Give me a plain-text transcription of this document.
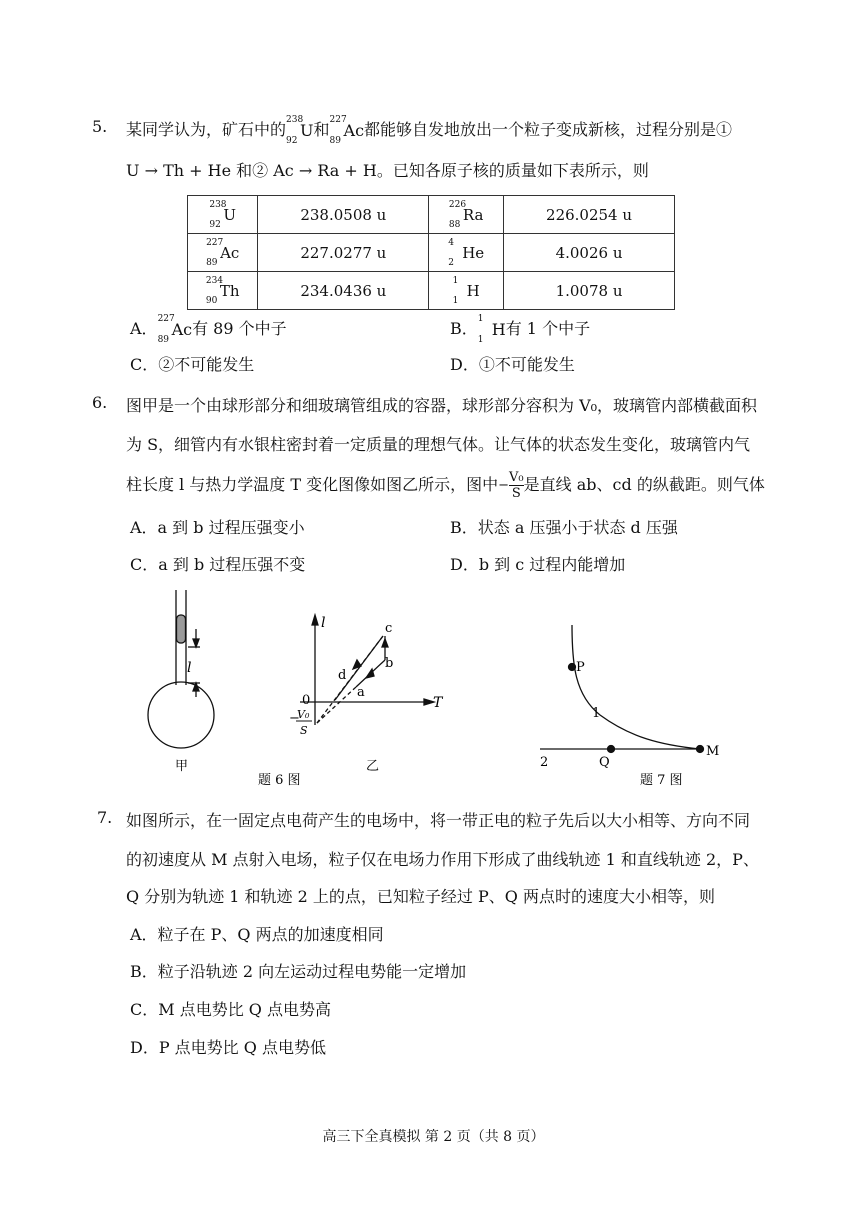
5. 某同学认为，矿石中的
238
92
U和
227
89
Ac都能够自发地放出一个粒子变成新核，过程分别是①
U → Th + He 和② Ac → Ra + H。已知各原子核的质量如下表所示，则
238
92
U	238.0508 u	226
88
Ra	226.0254 u

227
89
Ac	227.0277 u	4
2
He	4.0026 u

234
90
Th	234.0436 u	1
1
H	1.0078 u
A．
227
89
Ac有 89 个中子	B．
1
1
H有 1 个中子
C．②不可能发生	D．①不可能发生
6. 图甲是一个由球形部分和细玻璃管组成的容器，球形部分容积为 V₀，玻璃管内部横截面积
为 S，细管内有水银柱密封着一定质量的理想气体。让气体的状态发生变化，玻璃管内气
柱长度 l 与热力学温度 T 变化图像如图乙所示，图中− $\frac{\text{V₀}}{S}$ 是直线 ab、cd 的纵截距。则气体
A．a 到 b 过程压强变小	B．状态 a 压强小于状态 d 压强
C．a 到 b 过程压强不变	D．b 到 c 过程内能增加
l
甲
l
T
0
−
V₀
S
a
b
c
d
乙
题 6 图
P
Q
M
1
2
题 7 图
7. 如图所示，在一固定点电荷产生的电场中，将一带正电的粒子先后以大小相等、方向不同
的初速度从 M 点射入电场，粒子仅在电场力作用下形成了曲线轨迹 1 和直线轨迹 2，P、
Q 分别为轨迹 1 和轨迹 2 上的点，已知粒子经过 P、Q 两点时的速度大小相等，则
A．粒子在 P、Q 两点的加速度相同
B．粒子沿轨迹 2 向左运动过程电势能一定增加
C．M 点电势比 Q 点电势高
D．P 点电势比 Q 点电势低
高三下全真模拟 第 2 页（共 8 页）
